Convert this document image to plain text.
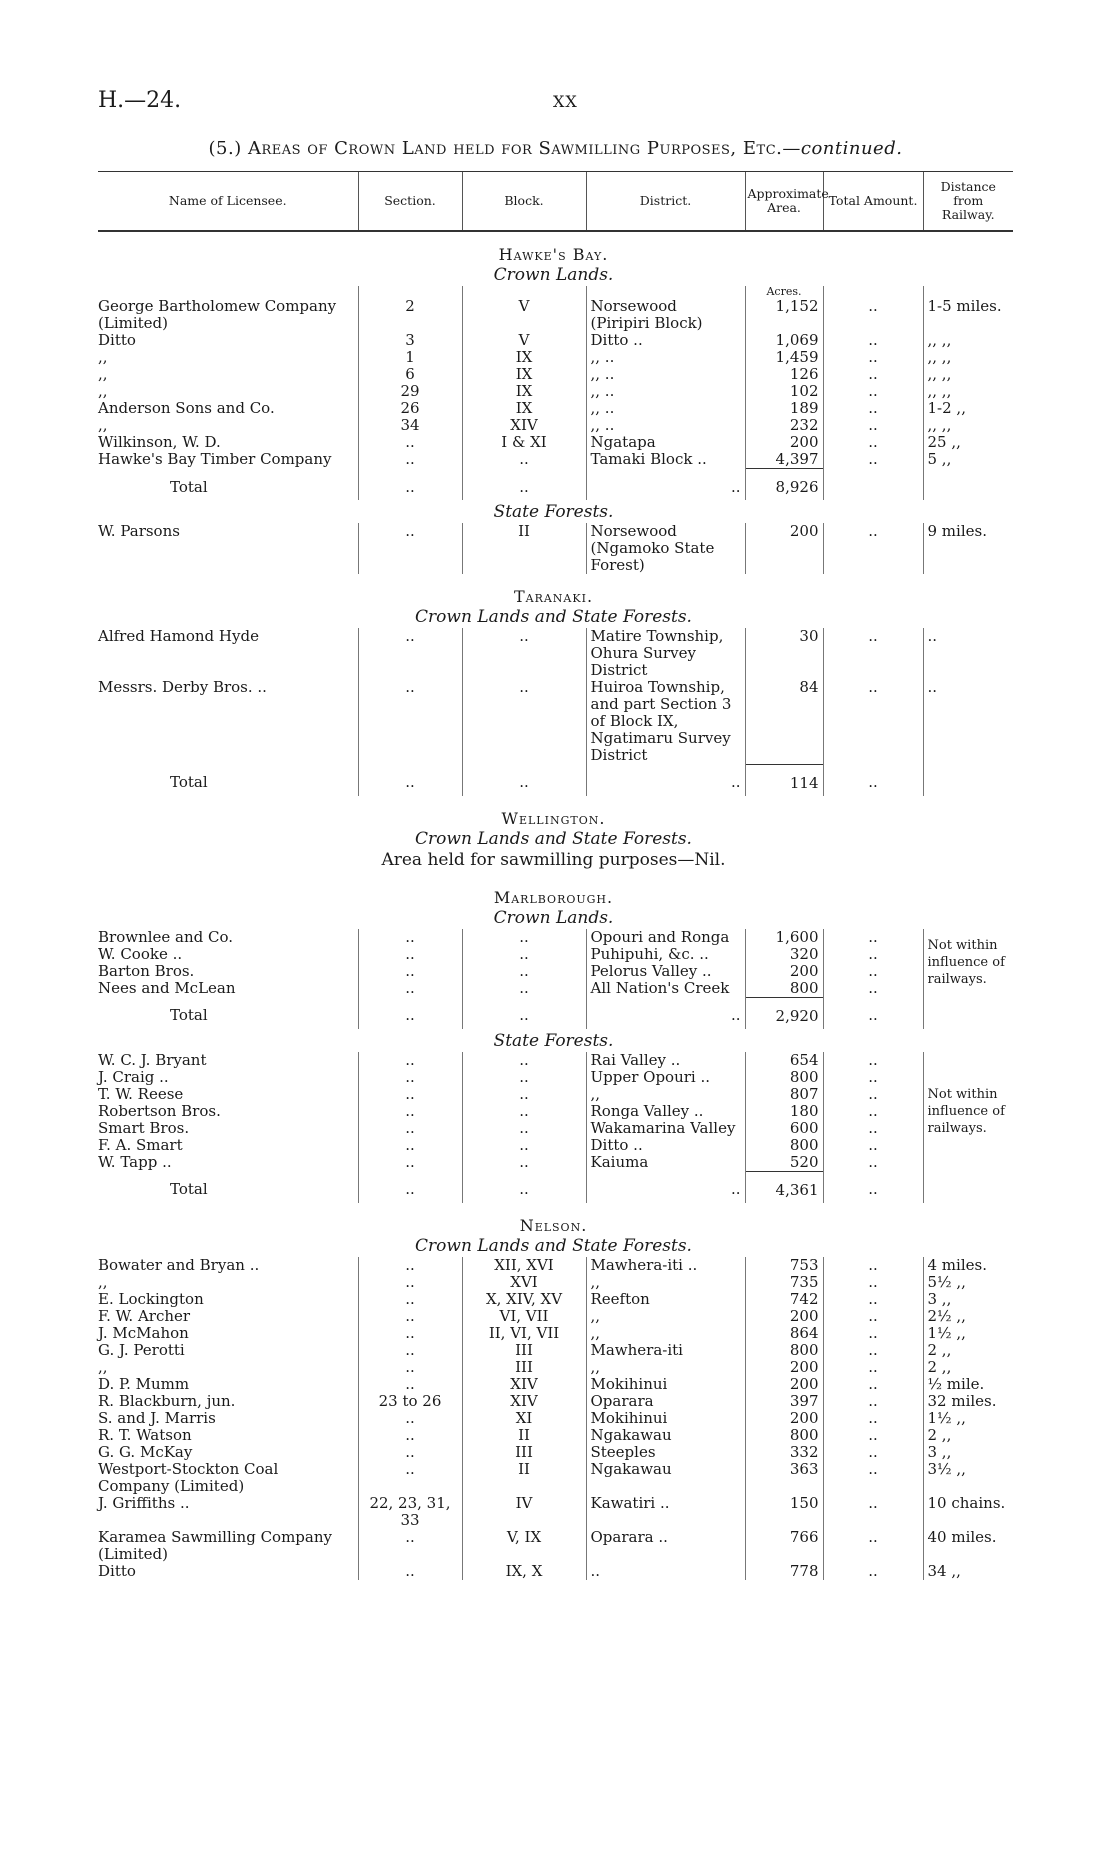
H.—24.	XX
(5.) Areas of Crown Land held for Sawmilling Purposes, Etc.—continued.
Name of Licensee.	Section.	Block.	District.	Approximate Area.	Total Amount.	Distance from Railway.
Hawke's Bay.						
Crown Lands.						
				Acres.		
George Bartholomew Company (Limited)	2	V	Norsewood (Piripiri Block)	1,152	..	1-5 miles.
Ditto	3	V	Ditto ..	1,069	..	,, ,,
,,	1	IX	,, ..	1,459	..	,, ,,
,,	6	IX	,, ..	126	..	,, ,,
,,	29	IX	,, ..	102	..	,, ,,
Anderson Sons and Co.	26	IX	,, ..	189	..	1-2 ,,
,,	34	XIV	,, ..	232	..	,, ,,
Wilkinson, W. D.	..	I & XI	Ngatapa	200	..	25 ,,
Hawke's Bay Timber Company	..	..	Tamaki Block ..	4,397	..	5 ,,
Total	..	..	..	8,926		
State Forests.						
W. Parsons	..	II	Norsewood (Ngamoko State Forest)	200	..	9 miles.
Taranaki.						
Crown Lands and State Forests.						
Alfred Hamond Hyde	..	..	Matire Township, Ohura Survey District	30	..	..
Messrs. Derby Bros. ..	..	..	Huiroa Township, and part Section 3 of Block IX, Ngatimaru Survey District	84	..	..
Total	..	..	..	114	..	
Wellington.						
Crown Lands and State Forests.						
Area held for sawmilling purposes—Nil.						
Marlborough.						
Crown Lands.						
Brownlee and Co.	..	..	Opouri and Ronga	1,600	..	Not within influence of railways.
W. Cooke ..	..	..	Puhipuhi, &c. ..	320	..	
Barton Bros.	..	..	Pelorus Valley ..	200	..	
Nees and McLean	..	..	All Nation's Creek	800	..	
Total	..	..	..	2,920	..	
State Forests.						
W. C. J. Bryant	..	..	Rai Valley ..	654	..	Not within influence of railways.
J. Craig ..	..	..	Upper Opouri ..	800	..	
T. W. Reese	..	..	,,	807	..	
Robertson Bros.	..	..	Ronga Valley ..	180	..	
Smart Bros.	..	..	Wakamarina Valley	600	..	
F. A. Smart	..	..	Ditto ..	800	..	
W. Tapp ..	..	..	Kaiuma	520	..	
Total	..	..	..	4,361	..	
Nelson.						
Crown Lands and State Forests.						
Bowater and Bryan ..	..	XII, XVI	Mawhera-iti ..	753	..	4 miles.
,,	..	XVI	,,	735	..	5½ ,,
E. Lockington	..	X, XIV, XV	Reefton	742	..	3 ,,
F. W. Archer	..	VI, VII	,,	200	..	2½ ,,
J. McMahon	..	II, VI, VII	,,	864	..	1½ ,,
G. J. Perotti	..	III	Mawhera-iti	800	..	2 ,,
,,	..	III	,,	200	..	2 ,,
D. P. Mumm	..	XIV	Mokihinui	200	..	½ mile.
R. Blackburn, jun.	23 to 26	XIV	Oparara	397	..	32 miles.
S. and J. Marris	..	XI	Mokihinui	200	..	1½ ,,
R. T. Watson	..	II	Ngakawau	800	..	2 ,,
G. G. McKay	..	III	Steeples	332	..	3 ,,
Westport-Stockton Coal Company (Limited)	..	II	Ngakawau	363	..	3½ ,,
J. Griffiths ..	22, 23, 31, 33	IV	Kawatiri ..	150	..	10 chains.
Karamea Sawmilling Company (Limited)	..	V, IX	Oparara ..	766	..	40 miles.
Ditto	..	IX, X	..	778	..	34 ,,
